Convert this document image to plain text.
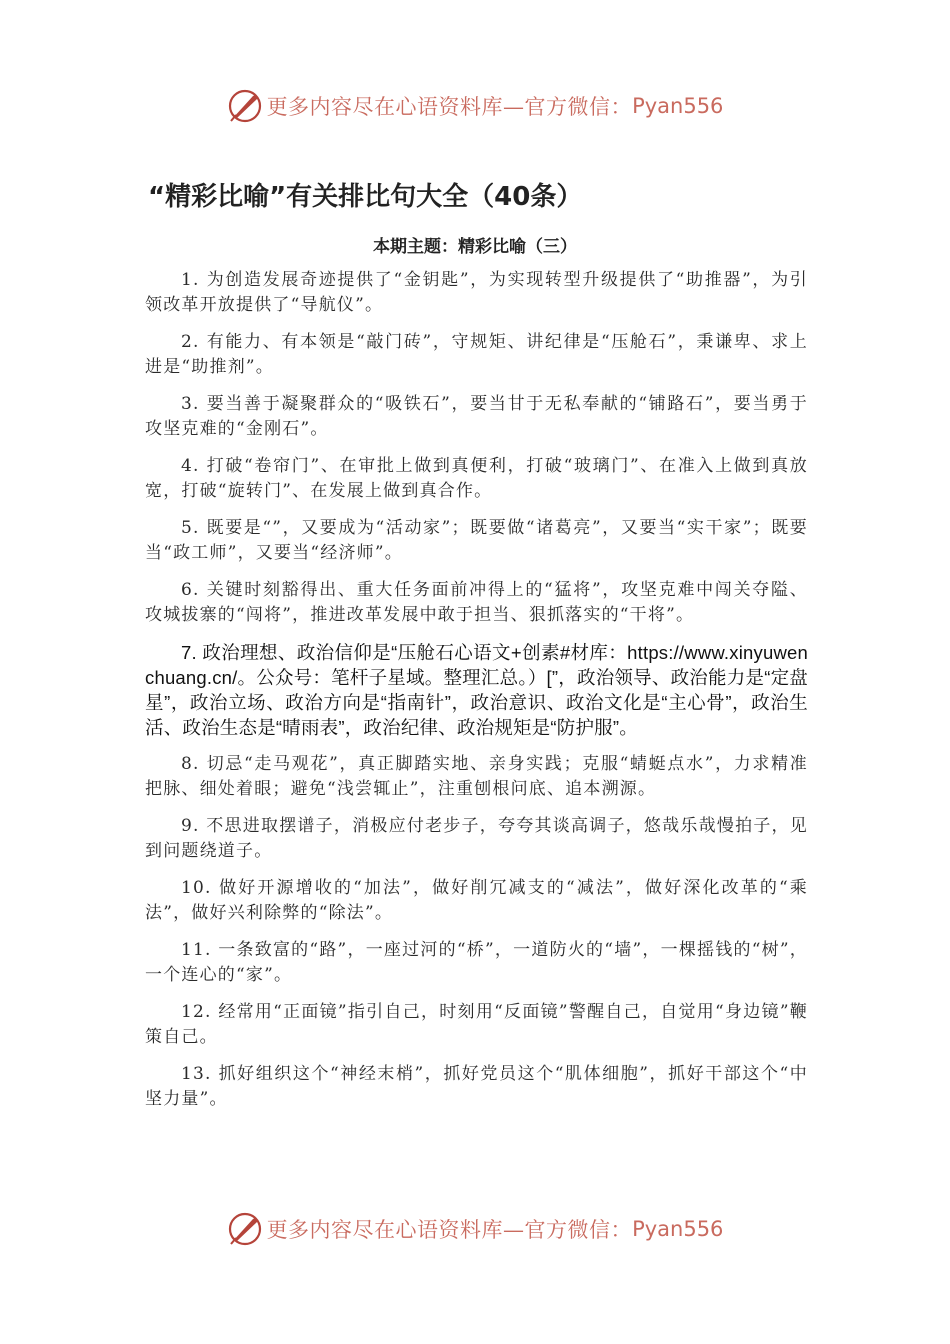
更多内容尽在心语资料库—官方微信： Pyan556
“精彩比喻”有关排比句大全（40条）
本期主题：精彩比喻（三）

1. 为创造发展奇迹提供了“金钥匙”，为实现转型升级提供了“助推器”，为引领改革开放提供了“导航仪”。

2. 有能力、有本领是“敲门砖”，守规矩、讲纪律是“压舱石”，秉谦卑、求上进是“助推剂”。

3. 要当善于凝聚群众的“吸铁石”，要当甘于无私奉献的“铺路石”，要当勇于攻坚克难的“金刚石”。

4. 打破“卷帘门”、在审批上做到真便利，打破“玻璃门”、在准入上做到真放宽，打破“旋转门”、在发展上做到真合作。

5. 既要是“”，又要成为“活动家”；既要做“诸葛亮”，又要当“实干家”；既要当“政工师”，又要当“经济师”。

6. 关键时刻豁得出、重大任务面前冲得上的“猛将”，攻坚克难中闯关夺隘、攻城拔寨的“闯将”，推进改革发展中敢于担当、狠抓落实的“干将”。

7. 政治理想、政治信仰是“压舱石心语文+创素#材库：https://www.xinyuwenchuang.cn/。公众号：笔杆子星域。整理汇总。）[”，政治领导、政治能力是“定盘星”，政治立场、政治方向是“指南针”，政治意识、政治文化是“主心骨”，政治生活、政治生态是“晴雨表”，政治纪律、政治规矩是“防护服”。

8. 切忌“走马观花”，真正脚踏实地、亲身实践；克服“蜻蜓点水”，力求精准把脉、细处着眼；避免“浅尝辄止”，注重刨根问底、追本溯源。

9. 不思进取摆谱子，消极应付老步子，夸夸其谈高调子，悠哉乐哉慢拍子，见到问题绕道子。

10. 做好开源增收的“加法”，做好削冗减支的“减法”，做好深化改革的“乘法”，做好兴利除弊的“除法”。

11. 一条致富的“路”，一座过河的“桥”，一道防火的“墙”，一棵摇钱的“树”，一个连心的“家”。

12. 经常用“正面镜”指引自己，时刻用“反面镜”警醒自己，自觉用“身边镜”鞭策自己。

13. 抓好组织这个“神经末梢”，抓好党员这个“肌体细胞”，抓好干部这个“中坚力量”。

更多内容尽在心语资料库—官方微信： Pyan556
